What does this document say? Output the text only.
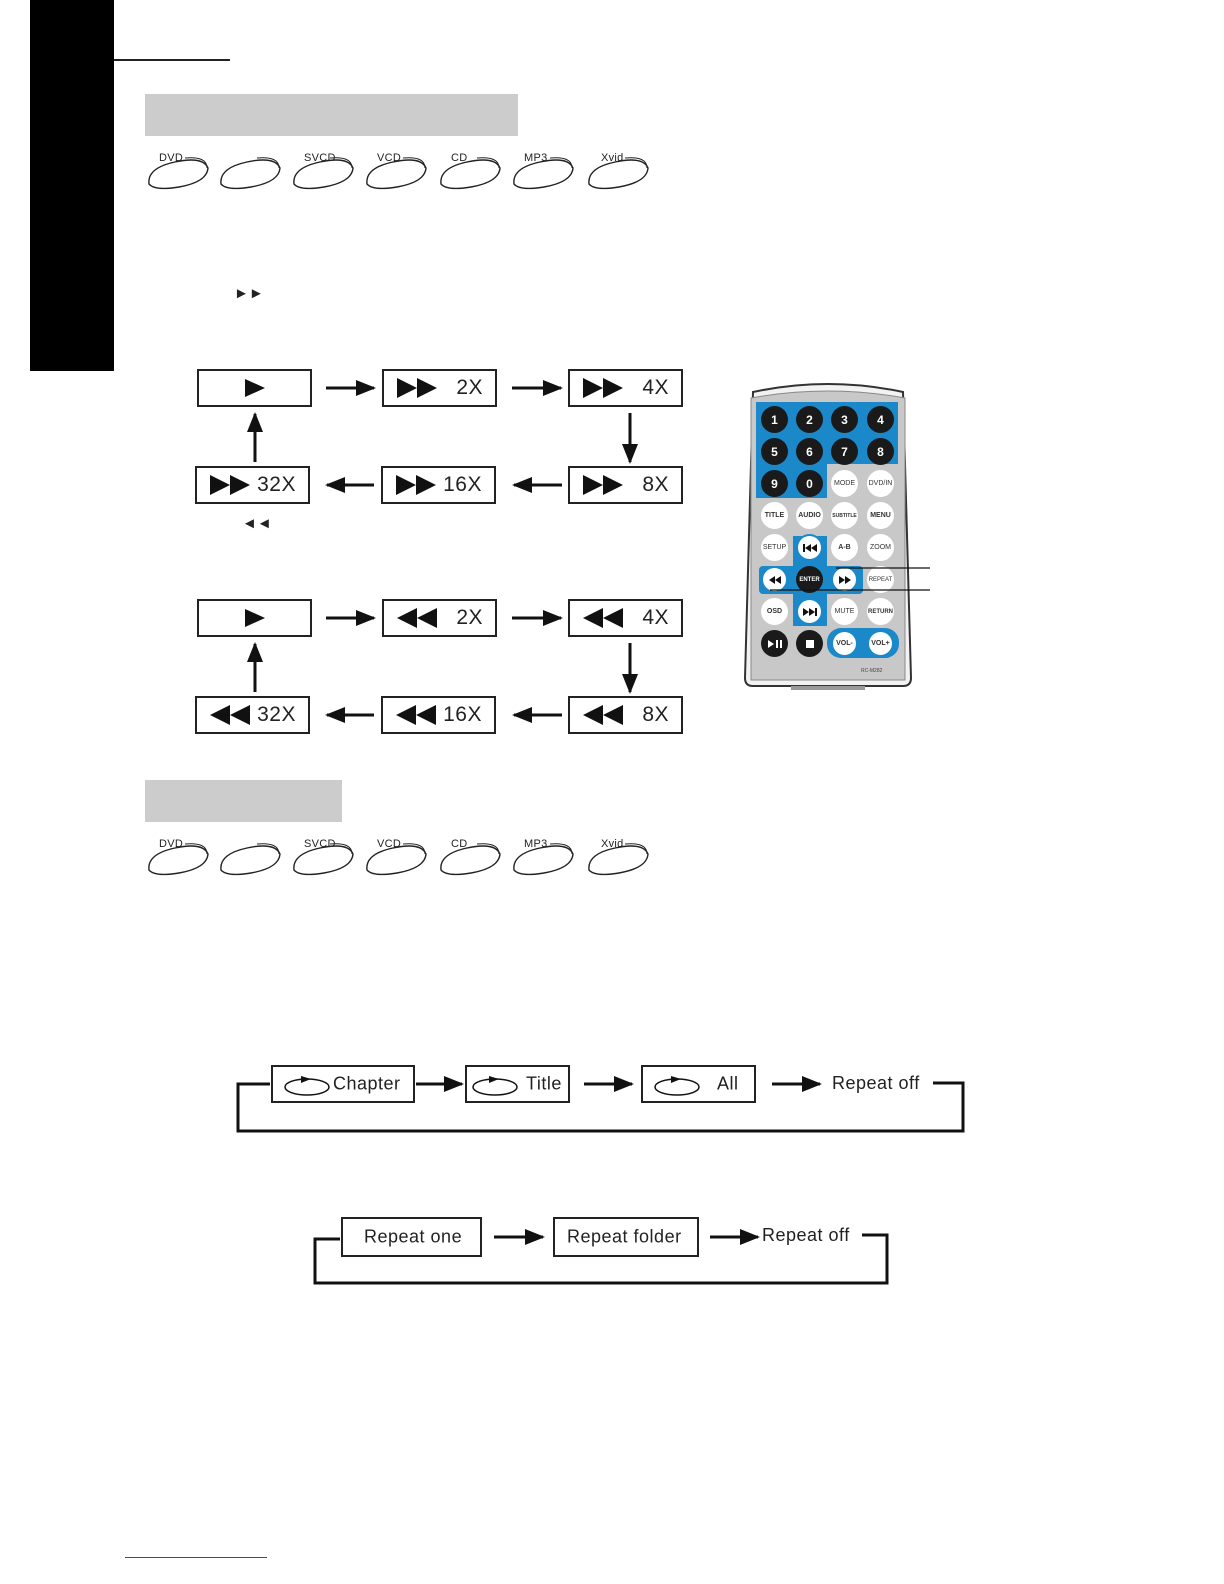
DVD	SVCD	VCD	CD	MP3	Xvid
►►
◄◄
2X	4X
32X	16X	8X
2X	4X
32X	16X	8X
1	2	3	4
5	6	7	8
9	0	MODE	DVD/IN
TITLE	AUDIO	SUBTITLE	MENU
SETUP	A-B	ZOOM
ENTER	REPEAT
OSD	MUTE	RETURN
VOL-	VOL+
RC-M282
DVD	SVCD	VCD	CD	MP3	Xvid
Chapter	Title	All	Repeat off
Repeat one	Repeat folder	Repeat off
